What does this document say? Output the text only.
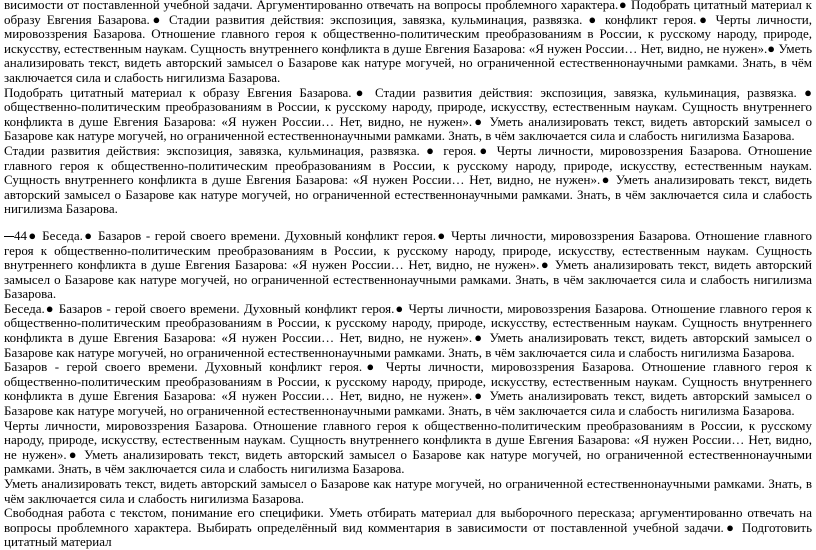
висимости от поставленной учебной задачи. Аргументированно отвечать на вопросы проблемного характера.● Подобрать цитатный материал к образу Евгения Базарова.● Стадии развития действия: экспозиция, завязка, кульминация, развязка. ● конфликт героя.● Черты личности, мировоззрения Базарова. Отношение главного героя к общественно-политическим преобразованиям в России, к русскому народу, природе, искусству, естественным наукам. Сущность внутреннего конфликта в душе Евгения Базарова: «Я нужен России… Нет, видно, не нужен».● Уметь анализировать текст, видеть авторский замысел о Базарове как натуре могучей, но ограниченной естественнонаучными рамками. Знать, в чём заключается сила и слабость нигилизма Базарова.

Подобрать цитатный материал к образу Евгения Базарова.● Стадии развития действия: экспозиция, завязка, кульминация, развязка. ● общественно-политическим преобразованиям в России, к русскому народу, природе, искусству, естественным наукам. Сущность внутреннего конфликта в душе Евгения Базарова: «Я нужен России… Нет, видно, не нужен».● Уметь анализировать текст, видеть авторский замысел о Базарове как натуре могучей, но ограниченной естественнонаучными рамками. Знать, в чём заключается сила и слабость нигилизма Базарова.

Стадии развития действия: экспозиция, завязка, кульминация, развязка. ● героя.● Черты личности, мировоззрения Базарова. Отношение главного героя к общественно-политическим преобразованиям в России, к русскому народу, природе, искусству, естественным наукам. Сущность внутреннего конфликта в душе Евгения Базарова: «Я нужен России… Нет, видно, не нужен».● Уметь анализировать текст, видеть авторский замысел о Базарове как натуре могучей, но ограниченной естественнонаучными рамками. Знать, в чём заключается сила и слабость нигилизма Базарова.

44● Беседа.● Базаров - герой своего времени. Духовный конфликт героя.● Черты личности, мировоззрения Базарова. Отношение главного героя к общественно-политическим преобразованиям в России, к русскому народу, природе, искусству, естественным наукам. Сущность внутреннего конфликта в душе Евгения Базарова: «Я нужен России… Нет, видно, не нужен».● Уметь анализировать текст, видеть авторский замысел о Базарове как натуре могучей, но ограниченной естественнонаучными рамками. Знать, в чём заключается сила и слабость нигилизма Базарова.

Беседа.● Базаров - герой своего времени. Духовный конфликт героя.● Черты личности, мировоззрения Базарова. Отношение главного героя к общественно-политическим преобразованиям в России, к русскому народу, природе, искусству, естественным наукам. Сущность внутреннего конфликта в душе Евгения Базарова: «Я нужен России… Нет, видно, не нужен».● Уметь анализировать текст, видеть авторский замысел о Базарове как натуре могучей, но ограниченной естественнонаучными рамками. Знать, в чём заключается сила и слабость нигилизма Базарова.

Базаров - герой своего времени. Духовный конфликт героя.● Черты личности, мировоззрения Базарова. Отношение главного героя к общественно-политическим преобразованиям в России, к русскому народу, природе, искусству, естественным наукам. Сущность внутреннего конфликта в душе Евгения Базарова: «Я нужен России… Нет, видно, не нужен».● Уметь анализировать текст, видеть авторский замысел о Базарове как натуре могучей, но ограниченной естественнонаучными рамками. Знать, в чём заключается сила и слабость нигилизма Базарова.

Черты личности, мировоззрения Базарова. Отношение главного героя к общественно-политическим преобразованиям в России, к русскому народу, природе, искусству, естественным наукам. Сущность внутреннего конфликта в душе Евгения Базарова: «Я нужен России… Нет, видно, не нужен».● Уметь анализировать текст, видеть авторский замысел о Базарове как натуре могучей, но ограниченной естественнонаучными рамками. Знать, в чём заключается сила и слабость нигилизма Базарова.

Уметь анализировать текст, видеть авторский замысел о Базарове как натуре могучей, но ограниченной естественнонаучными рамками. Знать, в чём заключается сила и слабость нигилизма Базарова.

Свободная работа с текстом, понимание его специфики. Уметь отбирать материал для выборочного пересказа; аргументированно отвечать на вопросы проблемного характера. Выбирать определённый вид комментария в зависимости от поставленной учебной задачи.● Подготовить цитатный материал
